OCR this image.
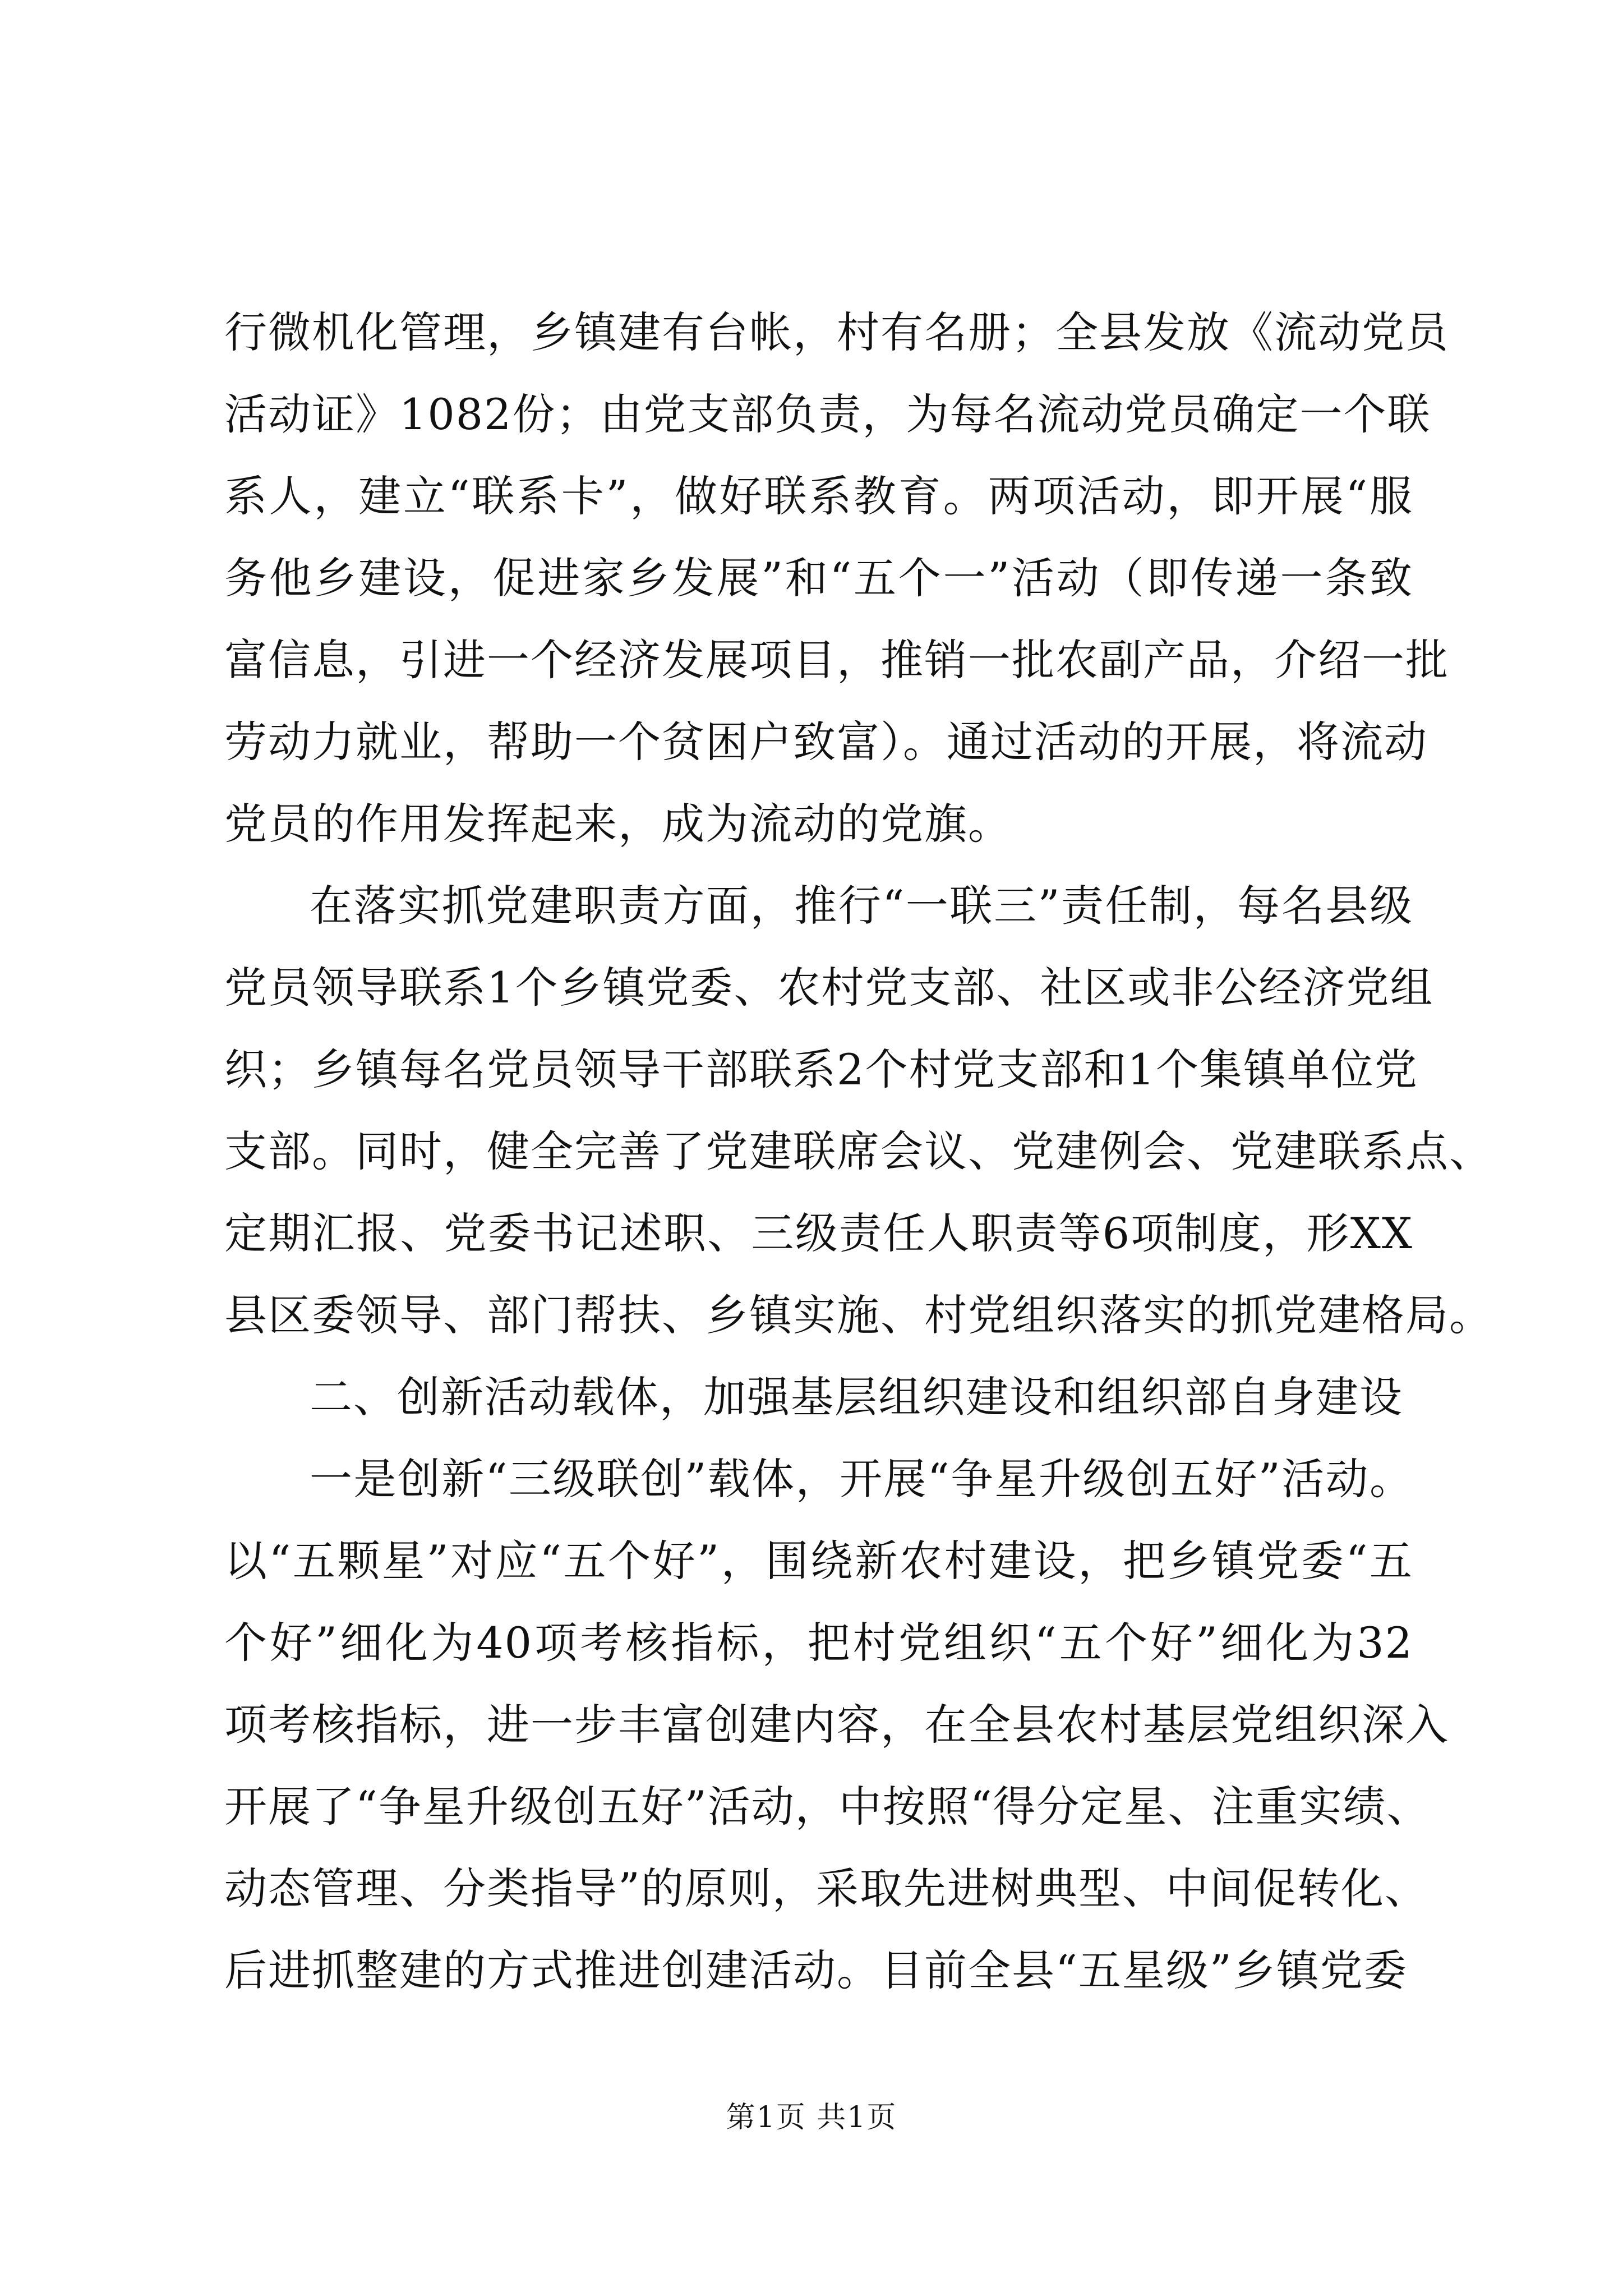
行微机化管理，乡镇建有台帐，村有名册；全县发放《流动党员
活动证》1082份；由党支部负责，为每名流动党员确定一个联
系人，建立“联系卡”，做好联系教育。两项活动，即开展“服
务他乡建设，促进家乡发展”和“五个一”活动（即传递一条致
富信息，引进一个经济发展项目，推销一批农副产品，介绍一批
劳动力就业，帮助一个贫困户致富）。通过活动的开展，将流动
党员的作用发挥起来，成为流动的党旗。
在落实抓党建职责方面，推行“一联三”责任制，每名县级
党员领导联系1个乡镇党委、农村党支部、社区或非公经济党组
织；乡镇每名党员领导干部联系2个村党支部和1个集镇单位党
支部。同时，健全完善了党建联席会议、党建例会、党建联系点、
定期汇报、党委书记述职、三级责任人职责等6项制度，形XX
县区委领导、部门帮扶、乡镇实施、村党组织落实的抓党建格局。
二、创新活动载体，加强基层组织建设和组织部自身建设
一是创新“三级联创”载体，开展“争星升级创五好”活动。
以“五颗星”对应“五个好”，围绕新农村建设，把乡镇党委“五
个好”细化为40项考核指标，把村党组织“五个好”细化为32
项考核指标，进一步丰富创建内容，在全县农村基层党组织深入
开展了“争星升级创五好”活动，中按照“得分定星、注重实绩、
动态管理、分类指导”的原则，采取先进树典型、中间促转化、
后进抓整建的方式推进创建活动。目前全县“五星级”乡镇党委
第1页 共1页
